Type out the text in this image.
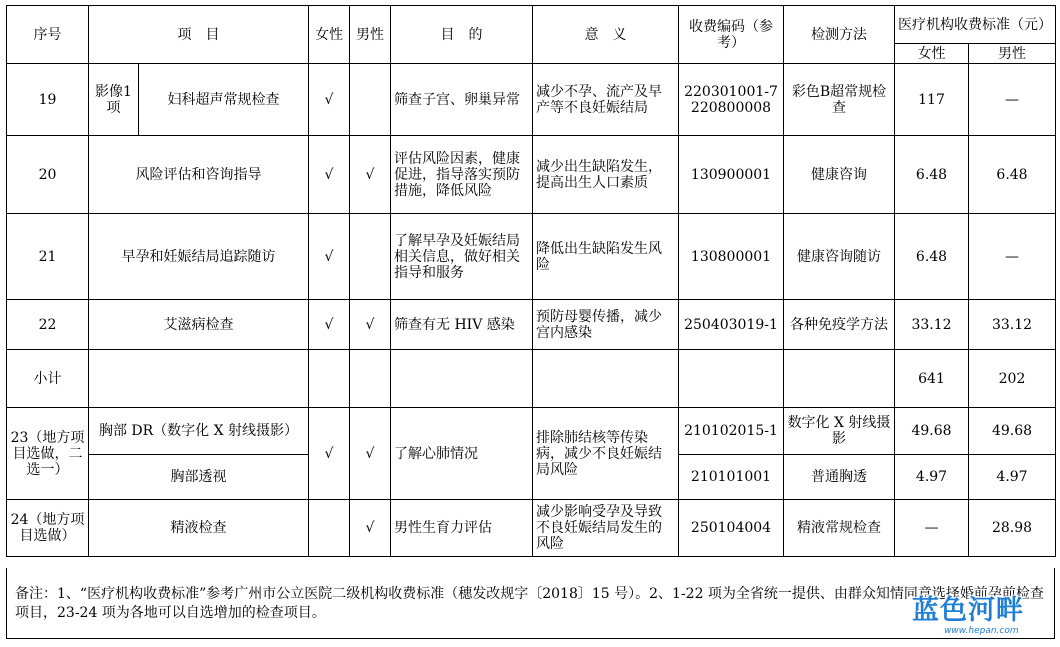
序号	项　目		女性	男性	目　的	意　义	收费编码（参考）	检测方法	医疗机构收费标准（元）	
									女性	男性
19	影像1项	妇科超声常规检查	√		筛查子宫、卵巢异常	减少不孕、流产及早产等不良妊娠结局	220301001-7 220800008	彩色B超常规检查	117	—
20	风险评估和咨询指导		√	√	评估风险因素，健康促进，指导落实预防措施，降低风险	减少出生缺陷发生，提高出生人口素质	130900001	健康咨询	6.48	6.48
21	早孕和妊娠结局追踪随访		√		了解早孕及妊娠结局相关信息，做好相关指导和服务	降低出生缺陷发生风险	130800001	健康咨询随访	6.48	—
22	艾滋病检查		√	√	筛查有无 HIV 感染	预防母婴传播，减少宫内感染	250403019-1	各种免疫学方法	33.12	33.12
小计									641	202
23（地方项目选做，二选一）	胸部 DR（数字化 X 射线摄影）		√	√	了解心肺情况	排除肺结核等传染病，减少不良妊娠结局风险	210102015-1	数字化 X 射线摄影	49.68	49.68
	胸部透视						210101001	普通胸透	4.97	4.97
24（地方项目选做）	精液检查			√	男性生育力评估	减少影响受孕及导致不良妊娠结局发生的风险	250104004	精液常规检查	—	28.98
备注：1、“医疗机构收费标准”参考广州市公立医院二级机构收费标准（穗发改规字〔2018〕15 号）。2、1-22 项为全省统一提供、由群众知情同意选择婚前孕前检查项目，23-24 项为各地可以自选增加的检查项目。	蓝色河畔
www.hepan.com
